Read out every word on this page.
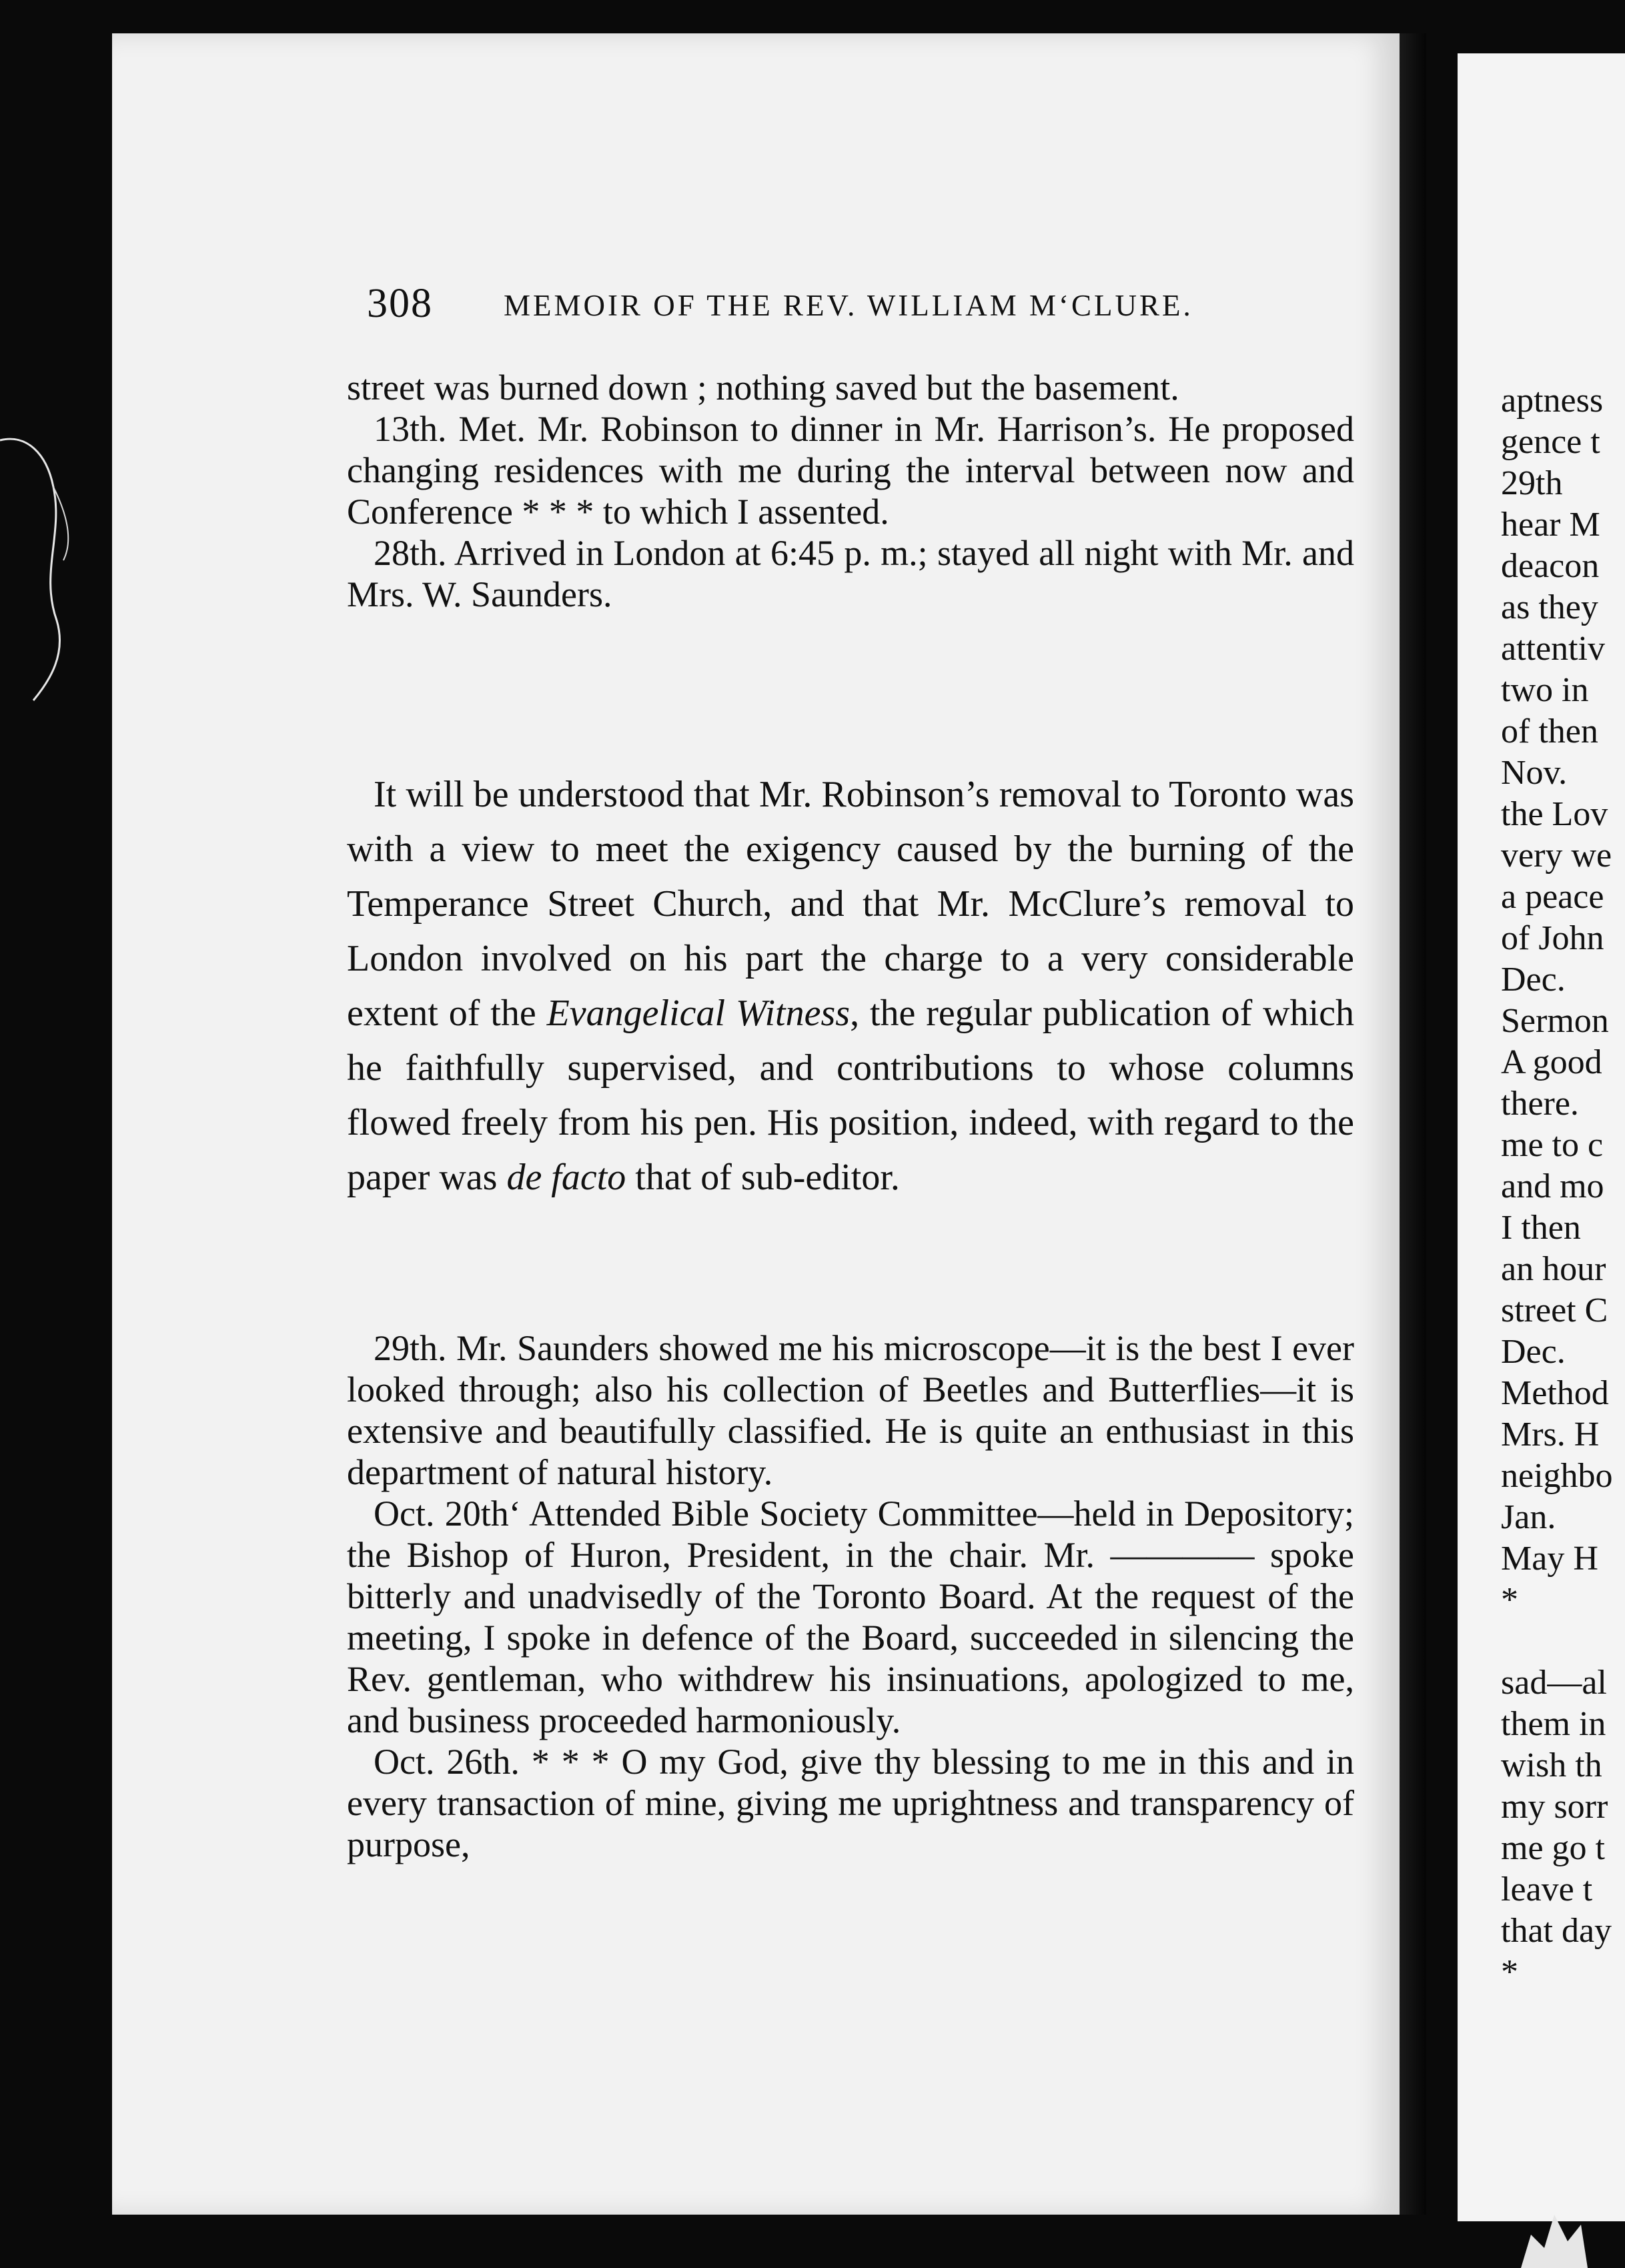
308 MEMOIR OF THE REV. WILLIAM M‘CLURE.

street was burned down ; nothing saved but the basement.

13th. Met. Mr. Robinson to dinner in Mr. Harrison’s. He proposed changing residences with me during the interval between now and Conference * * * to which I assented.

28th. Arrived in London at 6:45 p. m.; stayed all night with Mr. and Mrs. W. Saunders.

It will be understood that Mr. Robinson’s removal to Toronto was with a view to meet the exigency caused by the burning of the Temperance Street Church, and that Mr. McClure’s removal to London involved on his part the charge to a very considerable extent of the Evangelical Witness, the regular publication of which he faithfully supervised, and contributions to whose columns flowed freely from his pen. His position, indeed, with regard to the paper was de facto that of sub-editor.

29th. Mr. Saunders showed me his microscope—it is the best I ever looked through; also his collection of Beetles and Butterflies—it is extensive and beautifully classified. He is quite an enthusiast in this department of natural history.

Oct. 20th‘ Attended Bible Society Committee—held in Depository; the Bishop of Huron, President, in the chair. Mr. ———— spoke bitterly and unadvisedly of the Toronto Board. At the request of the meeting, I spoke in defence of the Board, succeeded in silencing the Rev. gentleman, who withdrew his insinuations, apologized to me, and business proceeded harmoniously.

Oct. 26th. * * * O my God, give thy blessing to me in this and in every transaction of mine, giving me uprightness and transparency of purpose,

aptness
gence t
29th
hear M
deacon
as they
attentiv
two in
of then
Nov.
the Lov
very we
a peace
of John
Dec.
Sermon
A good
there.
me to c
and mo
I then
an hour
street C
Dec.
Method
Mrs. H
neighbo
Jan.
May H
*
sad—al
them in
wish th
my sorr
me go t
leave t
that day
*
